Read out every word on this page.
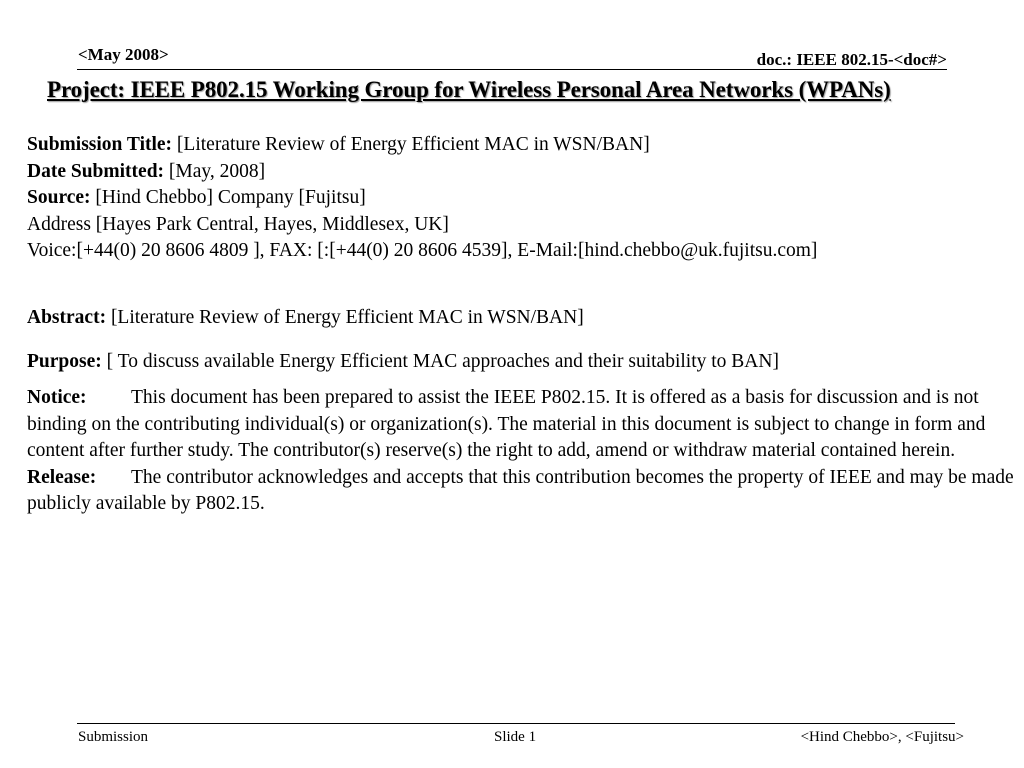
<May 2008>	doc.: IEEE 802.15-<doc#>
Project: IEEE P802.15 Working Group for Wireless Personal Area Networks (WPANs)
Submission Title: [Literature Review of Energy Efficient MAC in WSN/BAN]
Date Submitted: [May, 2008]
Source: [Hind Chebbo] Company [Fujitsu]
Address [Hayes Park Central, Hayes, Middlesex, UK]
Voice:[+44(0) 20 8606 4809 ], FAX: [:[+44(0) 20 8606 4539], E-Mail:[hind.chebbo@uk.fujitsu.com]
Abstract: [Literature Review of Energy Efficient MAC in WSN/BAN]
Purpose: [ To discuss available Energy Efficient MAC approaches and their suitability to BAN]

Notice: This document has been prepared to assist the IEEE P802.15. It is offered as a basis for discussion and is not binding on the contributing individual(s) or organization(s). The material in this document is subject to change in form and content after further study. The contributor(s) reserve(s) the right to add, amend or withdraw material contained herein.

Release: The contributor acknowledges and accepts that this contribution becomes the property of IEEE and may be made publicly available by P802.15.

Submission	Slide 1	<Hind Chebbo>, <Fujitsu>
